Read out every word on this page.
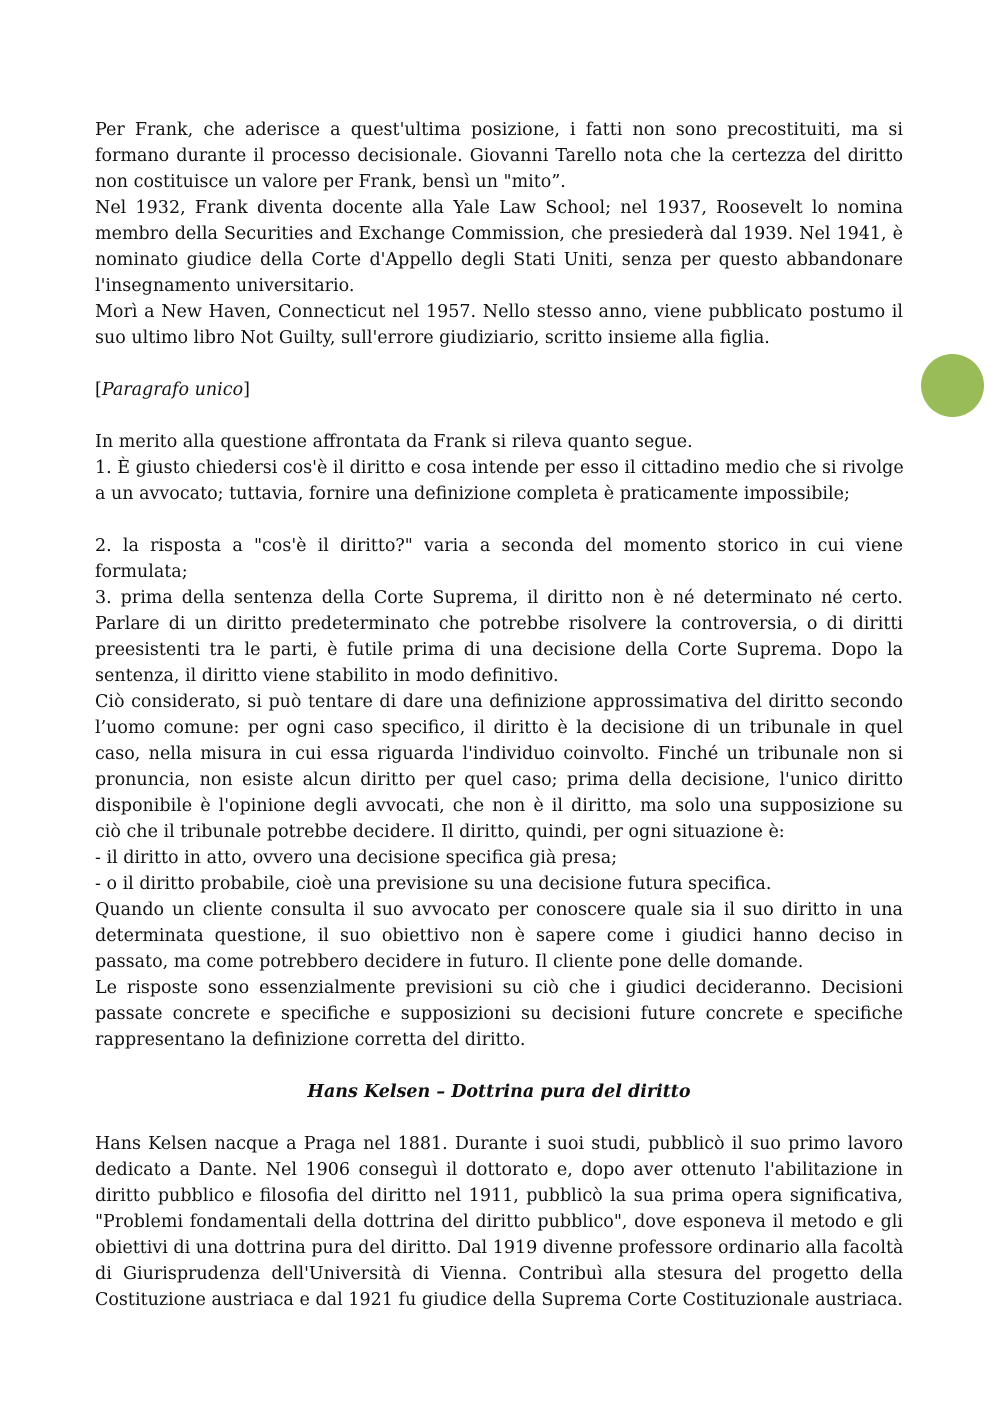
Per Frank, che aderisce a quest'ultima posizione, i fatti non sono precostituiti, ma si
formano durante il processo decisionale. Giovanni Tarello nota che la certezza del diritto
non costituisce un valore per Frank, bensì un "mito”.
Nel 1932, Frank diventa docente alla Yale Law School; nel 1937, Roosevelt lo nomina
membro della Securities and Exchange Commission, che presiederà dal 1939. Nel 1941, è
nominato giudice della Corte d'Appello degli Stati Uniti, senza per questo abbandonare
l'insegnamento universitario.
Morì a New Haven, Connecticut nel 1957. Nello stesso anno, viene pubblicato postumo il
suo ultimo libro Not Guilty, sull'errore giudiziario, scritto insieme alla figlia.
[Paragrafo unico]
In merito alla questione affrontata da Frank si rileva quanto segue.
1. È giusto chiedersi cos'è il diritto e cosa intende per esso il cittadino medio che si rivolge
a un avvocato; tuttavia, fornire una definizione completa è praticamente impossibile;
2. la risposta a "cos'è il diritto?" varia a seconda del momento storico in cui viene
formulata;
3. prima della sentenza della Corte Suprema, il diritto non è né determinato né certo.
Parlare di un diritto predeterminato che potrebbe risolvere la controversia, o di diritti
preesistenti tra le parti, è futile prima di una decisione della Corte Suprema. Dopo la
sentenza, il diritto viene stabilito in modo definitivo.
Ciò considerato, si può tentare di dare una definizione approssimativa del diritto secondo
l’uomo comune: per ogni caso specifico, il diritto è la decisione di un tribunale in quel
caso, nella misura in cui essa riguarda l'individuo coinvolto. Finché un tribunale non si
pronuncia, non esiste alcun diritto per quel caso; prima della decisione, l'unico diritto
disponibile è l'opinione degli avvocati, che non è il diritto, ma solo una supposizione su
ciò che il tribunale potrebbe decidere. Il diritto, quindi, per ogni situazione è:
- il diritto in atto, ovvero una decisione specifica già presa;
- o il diritto probabile, cioè una previsione su una decisione futura specifica.
Quando un cliente consulta il suo avvocato per conoscere quale sia il suo diritto in una
determinata questione, il suo obiettivo non è sapere come i giudici hanno deciso in
passato, ma come potrebbero decidere in futuro. Il cliente pone delle domande.
Le risposte sono essenzialmente previsioni su ciò che i giudici decideranno. Decisioni
passate concrete e specifiche e supposizioni su decisioni future concrete e specifiche
rappresentano la definizione corretta del diritto.
Hans Kelsen – Dottrina pura del diritto
Hans Kelsen nacque a Praga nel 1881. Durante i suoi studi, pubblicò il suo primo lavoro
dedicato a Dante. Nel 1906 conseguì il dottorato e, dopo aver ottenuto l'abilitazione in
diritto pubblico e filosofia del diritto nel 1911, pubblicò la sua prima opera significativa,
"Problemi fondamentali della dottrina del diritto pubblico", dove esponeva il metodo e gli
obiettivi di una dottrina pura del diritto. Dal 1919 divenne professore ordinario alla facoltà
di Giurisprudenza dell'Università di Vienna. Contribuì alla stesura del progetto della
Costituzione austriaca e dal 1921 fu giudice della Suprema Corte Costituzionale austriaca.
